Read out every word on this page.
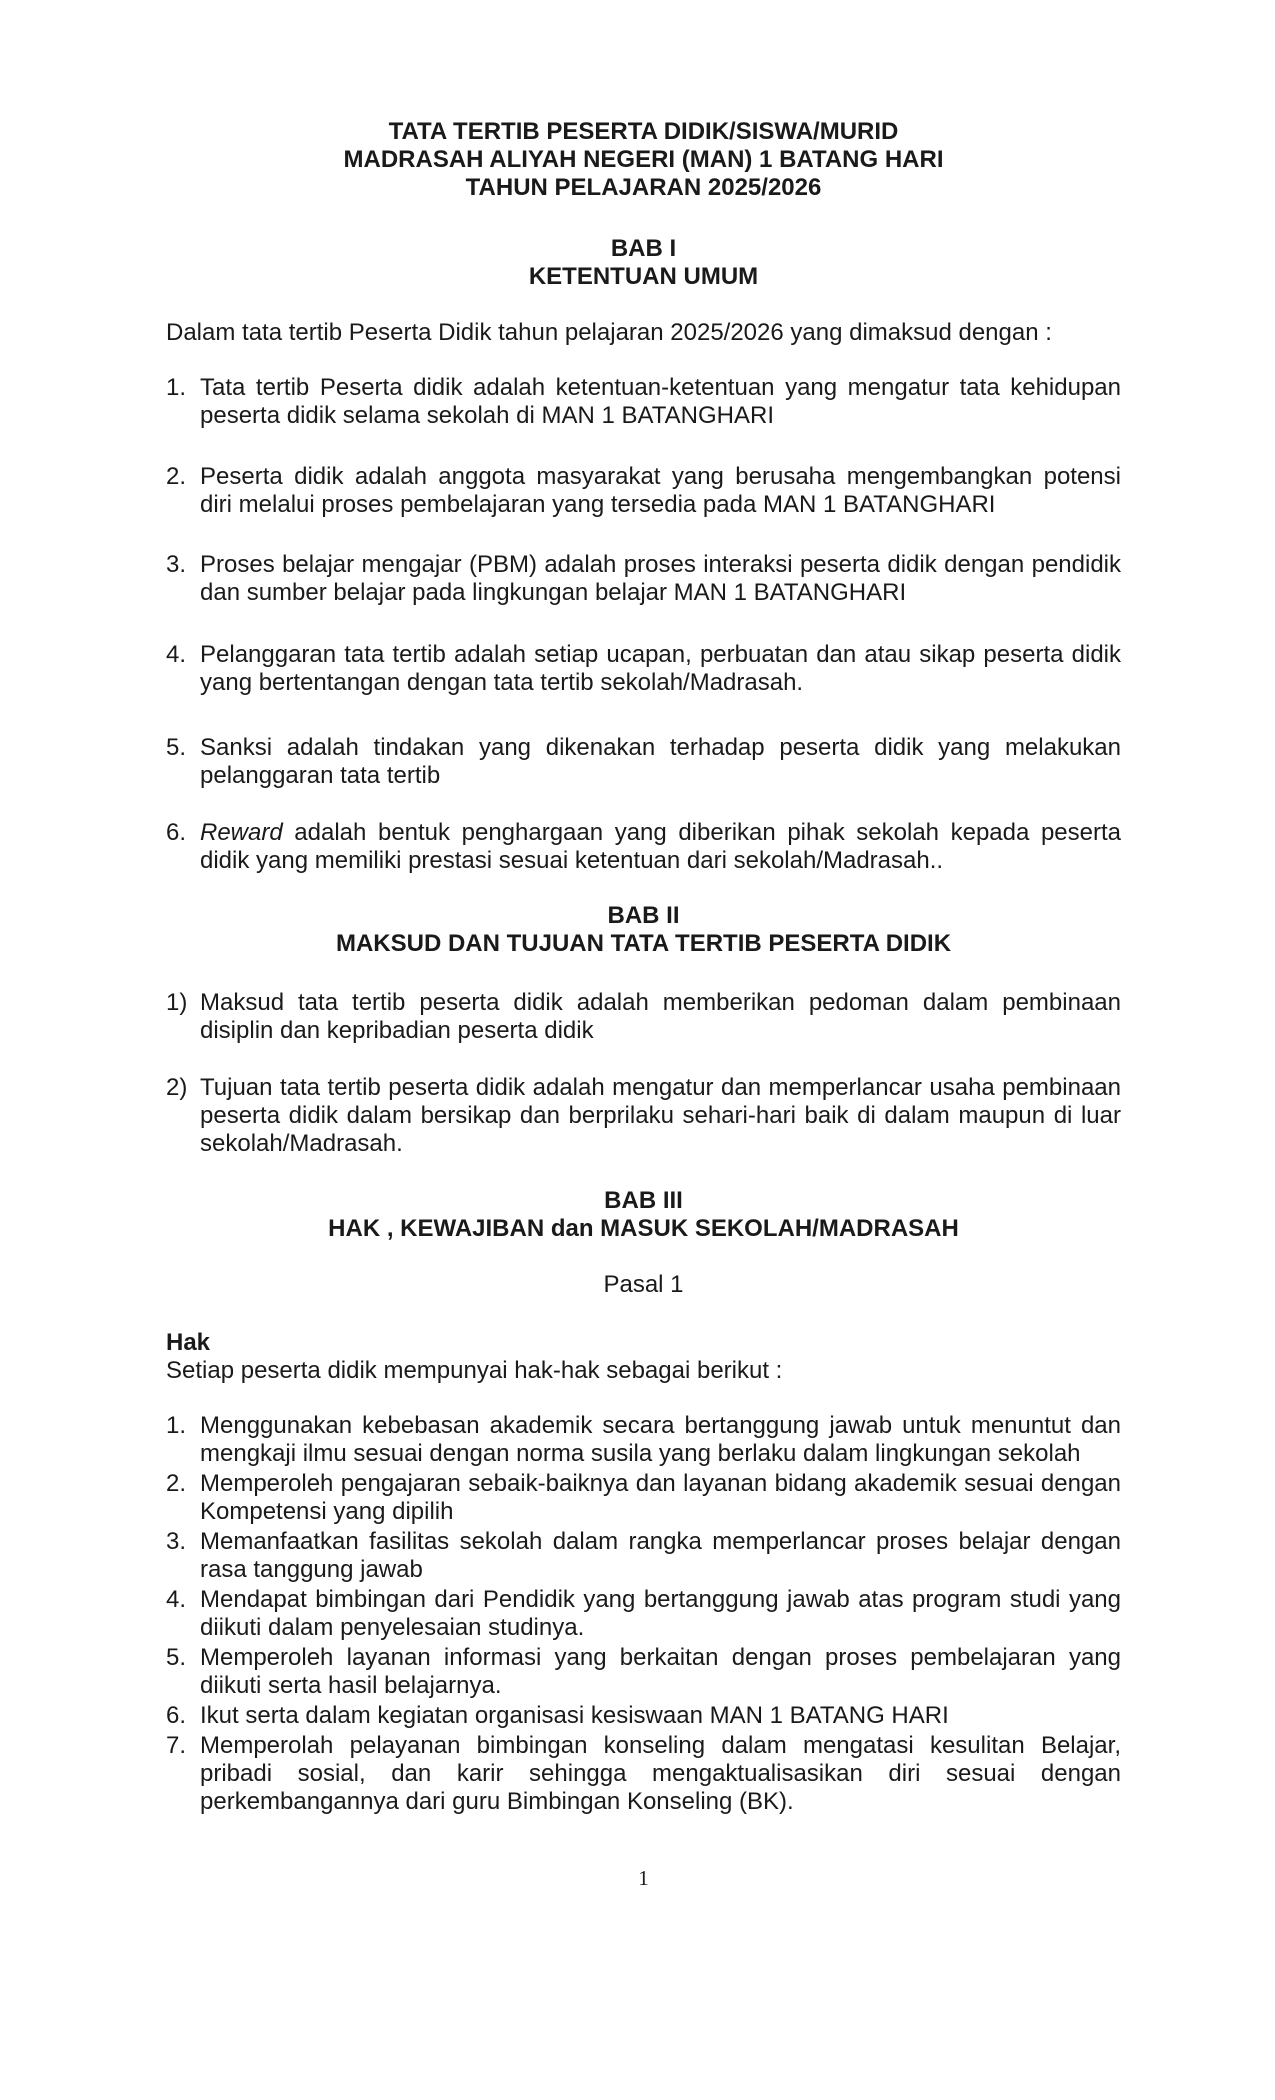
TATA TERTIB PESERTA DIDIK/SISWA/MURID
MADRASAH ALIYAH NEGERI (MAN) 1 BATANG HARI
TAHUN PELAJARAN 2025/2026
BAB I
KETENTUAN UMUM

Dalam tata tertib Peserta Didik tahun pelajaran 2025/2026 yang dimaksud dengan :

1. Tata tertib Peserta didik adalah ketentuan-ketentuan yang mengatur tata kehidupan peserta didik selama sekolah di MAN 1 BATANGHARI
2. Peserta didik adalah anggota masyarakat yang berusaha mengembangkan potensi diri melalui proses pembelajaran yang tersedia pada MAN 1 BATANGHARI
3. Proses belajar mengajar (PBM) adalah proses interaksi peserta didik dengan pendidik dan sumber belajar pada lingkungan belajar MAN 1 BATANGHARI
4. Pelanggaran tata tertib adalah setiap ucapan, perbuatan dan atau sikap peserta didik yang bertentangan dengan tata tertib sekolah/Madrasah.
5. Sanksi adalah tindakan yang dikenakan terhadap peserta didik yang melakukan pelanggaran tata tertib
6. Reward adalah bentuk penghargaan yang diberikan pihak sekolah kepada peserta didik yang memiliki prestasi sesuai ketentuan dari sekolah/Madrasah..
BAB II
MAKSUD DAN TUJUAN TATA TERTIB PESERTA DIDIK
1) Maksud tata tertib peserta didik adalah memberikan pedoman dalam pembinaan disiplin dan kepribadian peserta didik
2) Tujuan tata tertib peserta didik adalah mengatur dan memperlancar usaha pembinaan peserta didik dalam bersikap dan berprilaku sehari-hari baik di dalam maupun di luar sekolah/Madrasah.
BAB III
HAK , KEWAJIBAN dan MASUK SEKOLAH/MADRASAH
Pasal 1
Hak

Setiap peserta didik mempunyai hak-hak sebagai berikut :

1. Menggunakan kebebasan akademik secara bertanggung jawab untuk menuntut dan mengkaji ilmu sesuai dengan norma susila yang berlaku dalam lingkungan sekolah
2. Memperoleh pengajaran sebaik-baiknya dan layanan bidang akademik sesuai dengan Kompetensi yang dipilih
3. Memanfaatkan fasilitas sekolah dalam rangka memperlancar proses belajar dengan rasa tanggung jawab
4. Mendapat bimbingan dari Pendidik yang bertanggung jawab atas program studi yang diikuti dalam penyelesaian studinya.
5. Memperoleh layanan informasi yang berkaitan dengan proses pembelajaran yang diikuti serta hasil belajarnya.
6. Ikut serta dalam kegiatan organisasi kesiswaan MAN 1 BATANG HARI
7. Memperolah pelayanan bimbingan konseling dalam mengatasi kesulitan Belajar, pribadi sosial, dan karir sehingga mengaktualisasikan diri sesuai dengan perkembangannya dari guru Bimbingan Konseling (BK).
1
